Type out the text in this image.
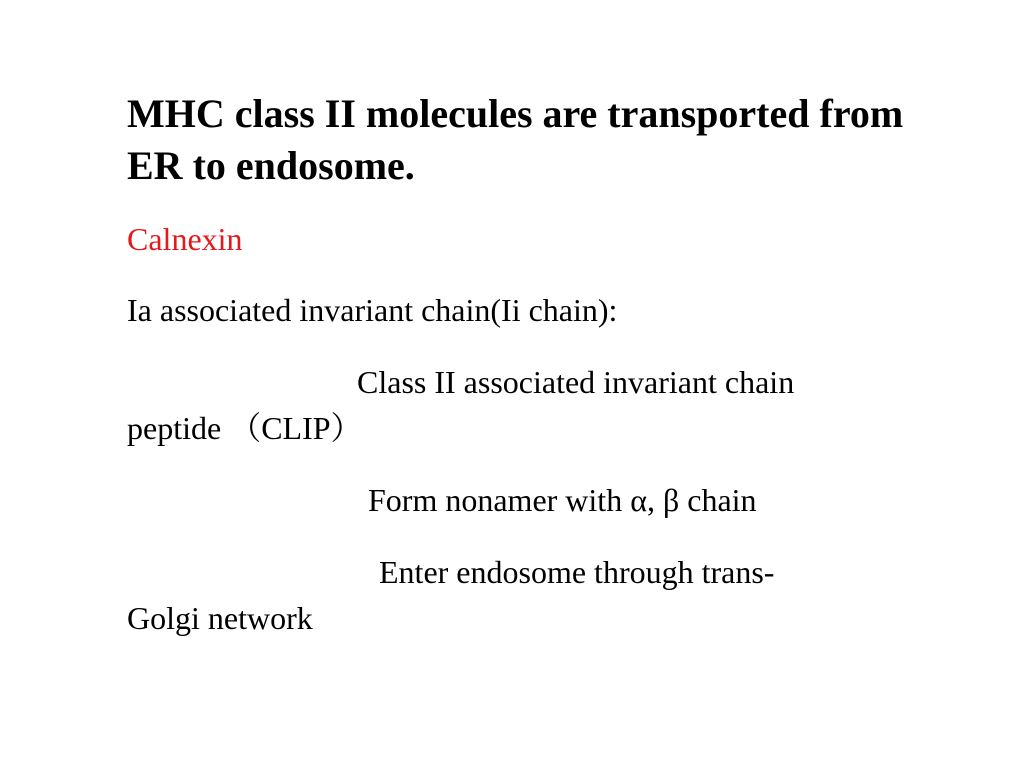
MHC class II molecules are transported from ER to endosome.

Calnexin

Ia associated invariant chain(Ii chain):

Class II associated invariant chain

peptide （CLIP）

Form nonamer with α, β chain

Enter endosome through trans-

Golgi network
